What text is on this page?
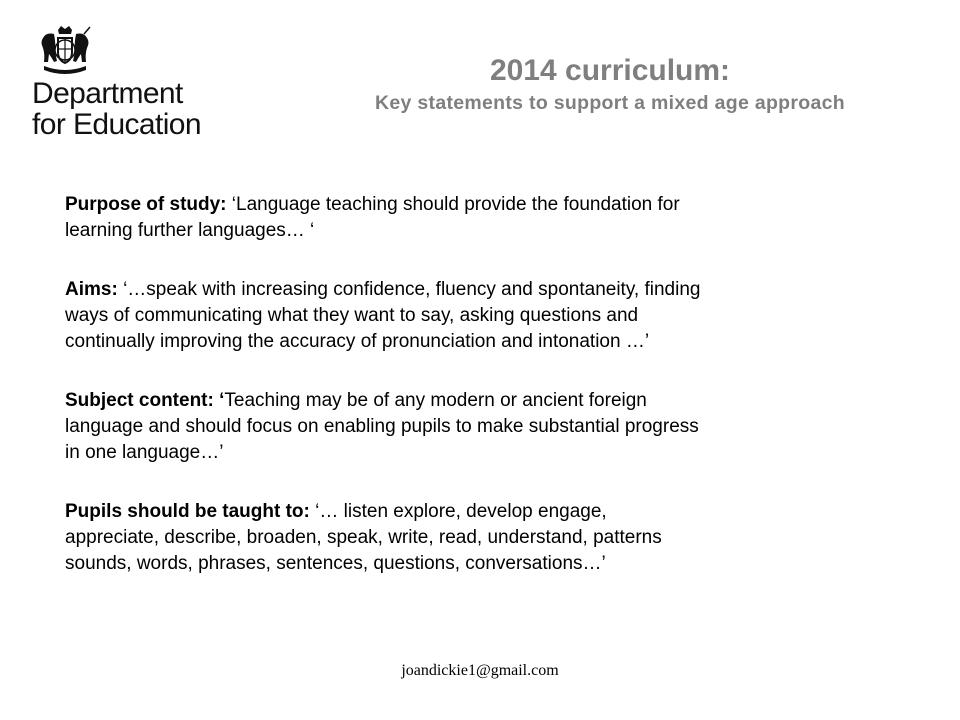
Department
for Education
2014 curriculum:
Key statements to support a mixed age approach

Purpose of study: ‘Language teaching should provide the foundation for
learning further languages… ‘

Aims: ‘…speak with increasing confidence, fluency and spontaneity, finding
ways of communicating what they want to say, asking questions and
continually improving the accuracy of pronunciation and intonation …’

Subject content: ‘Teaching may be of any modern or ancient foreign
language and should focus on enabling pupils to make substantial progress
in one language…’

Pupils should be taught to: ‘… listen explore, develop engage,
appreciate, describe, broaden, speak, write, read, understand, patterns
sounds, words, phrases, sentences, questions, conversations…’

joandickie1@gmail.com
